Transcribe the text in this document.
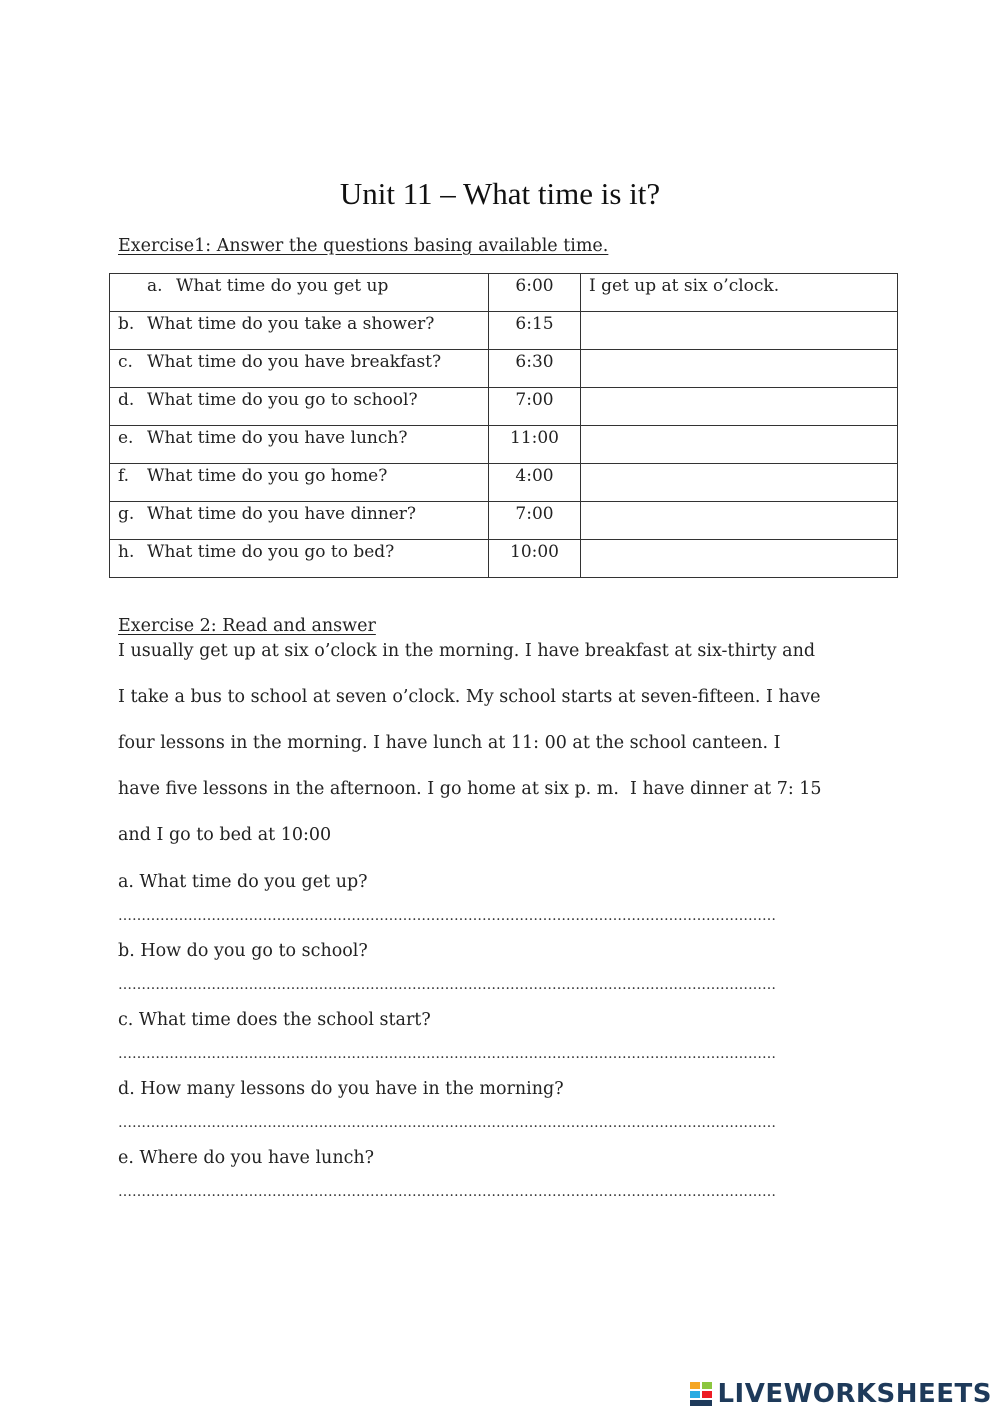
Unit 11 – What time is it?
Exercise1: Answer the questions basing available time.
a. What time do you get up	6:00	I get up at six o’clock.
b. What time do you take a shower?	6:15	
c. What time do you have breakfast?	6:30	
d. What time do you go to school?	7:00	
e. What time do you have lunch?	11:00	
f. What time do you go home?	4:00	
g. What time do you have dinner?	7:00	
h. What time do you go to bed?	10:00	
Exercise 2: Read and answer
I usually get up at six o’clock in the morning. I have breakfast at six-thirty and
I take a bus to school at seven o’clock. My school starts at seven-fifteen. I have
four lessons in the morning. I have lunch at 11: 00 at the school canteen. I
have five lessons in the afternoon. I go home at six p. m.  I have dinner at 7: 15
and I go to bed at 10:00
a. What time do you get up?
……………………………………………………………………………………………………………………………
b. How do you go to school?
……………………………………………………………………………………………………………………………
c. What time does the school start?
……………………………………………………………………………………………………………………………
d. How many lessons do you have in the morning?
……………………………………………………………………………………………………………………………
e. Where do you have lunch?
……………………………………………………………………………………………………………………………
LIVEWORKSHEETS
